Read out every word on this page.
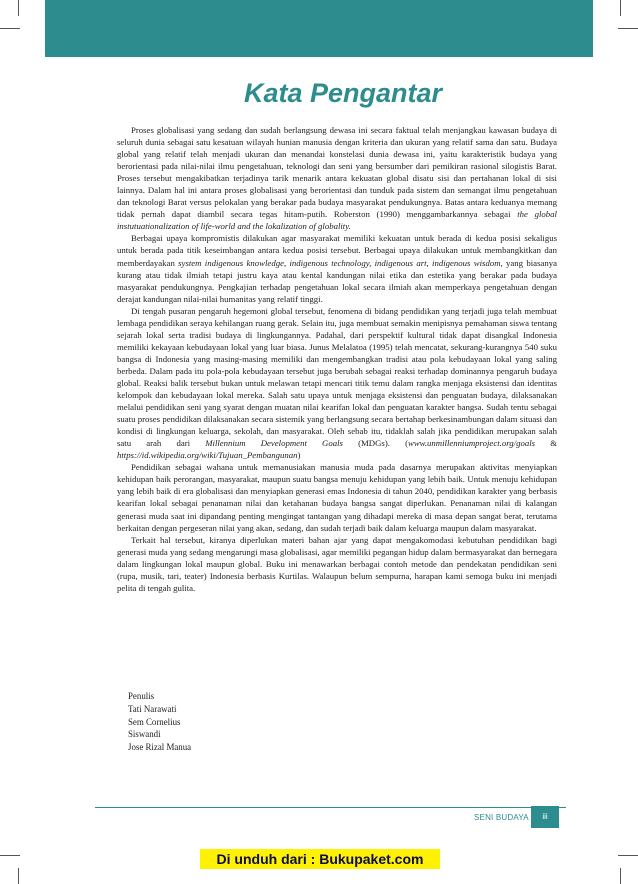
Kata Pengantar

Proses globalisasi yang sedang dan sudah berlangsung dewasa ini secara faktual telah menjangkau kawasan budaya di seluruh dunia sebagai satu kesatuan wilayah hunian manusia dengan kriteria dan ukuran yang relatif sama dan satu. Budaya global yang relatif telah menjadi ukuran dan menandai konstelasi dunia dewasa ini, yaitu karakteristik budaya yang berorientasi pada nilai-nilai ilmu pengetahuan, teknologi dan seni yang bersumber dari pemikiran rasional silogistis Barat. Proses tersebut mengakibatkan terjadinya tarik menarik antara kekuatan global disatu sisi dan pertahanan lokal di sisi lainnya. Dalam hal ini antara proses globalisasi yang berorientasi dan tunduk pada sistem dan semangat ilmu pengetahuan dan teknologi Barat versus pelokalan yang berakar pada budaya masyarakat pendukungnya. Batas antara keduanya memang tidak pernah dapat diambil secara tegas hitam-putih. Roberston (1990) menggambarkannya sebagai the global instutuationalization of life-world and the lokalization of globality.

Berbagai upaya kompromistis dilakukan agar masyarakat memiliki kekuatan untuk berada di kedua posisi sekaligus untuk berada pada titik keseimbangan antara kedua posisi tersebut. Berbagai upaya dilakukan untuk membangkitkan dan memberdayakan system indigenous knowledge, indigenous technology, indigenous art, indigenous wisdom, yang biasanya kurang atau tidak ilmiah tetapi justru kaya atau kental kandungan nilai etika dan estetika yang berakar pada budaya masyarakat pendukungnya. Pengkajian terhadap pengetahuan lokal secara ilmiah akan memperkaya pengetahuan dengan derajat kandungan nilai-nilai humanitas yang relatif tinggi.

Di tengah pusaran pengaruh hegemoni global tersebut, fenomena di bidang pendidikan yang terjadi juga telah membuat lembaga pendidikan seraya kehilangan ruang gerak. Selain itu, juga membuat semakin menipisnya pemahaman siswa tentang sejarah lokal serta tradisi budaya di lingkungannya. Padahal, dari perspektif kultural tidak dapat disangkal Indonesia memiliki kekayaan kebudayaan lokal yang luar biasa. Junus Melalatoa (1995) telah mencatat, sekurang-kurangnya 540 suku bangsa di Indonesia yang masing-masing memiliki dan mengembangkan tradisi atau pola kebudayaan lokal yang saling berbeda. Dalam pada itu pola-pola kebudayaan tersebut juga berubah sebagai reaksi terhadap dominannya pengaruh budaya global. Reaksi balik tersebut bukan untuk melawan tetapi mencari titik temu dalam rangka menjaga eksistensi dan identitas kelompok dan kebudayaan lokal mereka. Salah satu upaya untuk menjaga eksistensi dan penguatan budaya, dilaksanakan melalui pendidikan seni yang syarat dengan muatan nilai kearifan lokal dan penguatan karakter bangsa. Sudah tentu sebagai suatu proses pendidikan dilaksanakan secara sistemik yang berlangsung secara bertahap berkesinambungan dalam situasi dan kondisi di lingkungan keluarga, sekolah, dan masyarakat. Oleh sebab itu, tidaklah salah jika pendidikan merupakan salah satu arah dari Millennium Development Goals (MDGs). (www.unmillenniumproject.org/goals & https://id.wikipedia.org/wiki/Tujuan_Pembangunan)

Pendidikan sebagai wahana untuk memanusiakan manusia muda pada dasarnya merupakan aktivitas menyiapkan kehidupan baik perorangan, masyarakat, maupun suatu bangsa menuju kehidupan yang lebih baik. Untuk menuju kehidupan yang lebih baik di era globalisasi dan menyiapkan generasi emas Indonesia di tahun 2040, pendidikan karakter yang berbasis kearifan lokal sebagai penanaman nilai dan ketahanan budaya bangsa sangat diperlukan. Penanaman nilai di kalangan generasi muda saat ini dipandang penting mengingat tantangan yang dihadapi mereka di masa depan sangat berat, terutama berkaitan dengan pergeseran nilai yang akan, sedang, dan sudah terjadi baik dalam keluarga maupun dalam masyarakat.

Terkait hal tersebut, kiranya diperlukan materi bahan ajar yang dapat mengakomodasi kebutuhan pendidikan bagi generasi muda yang sedang mengarungi masa globalisasi, agar memiliki pegangan hidup dalam bermasyarakat dan bernegara dalam lingkungan lokal maupun global. Buku ini menawarkan berbagai contoh metode dan pendekatan pendidikan seni (rupa, musik, tari, teater) Indonesia berbasis Kurtilas. Walaupun belum sempurna, harapan kami semoga buku ini menjadi pelita di tengah gulita.

Penulis
Tati Narawati
Sem Cornelius
Siswandi
Jose Rizal Manua
SENI BUDAYA	iii
Di unduh dari : Bukupaket.com
